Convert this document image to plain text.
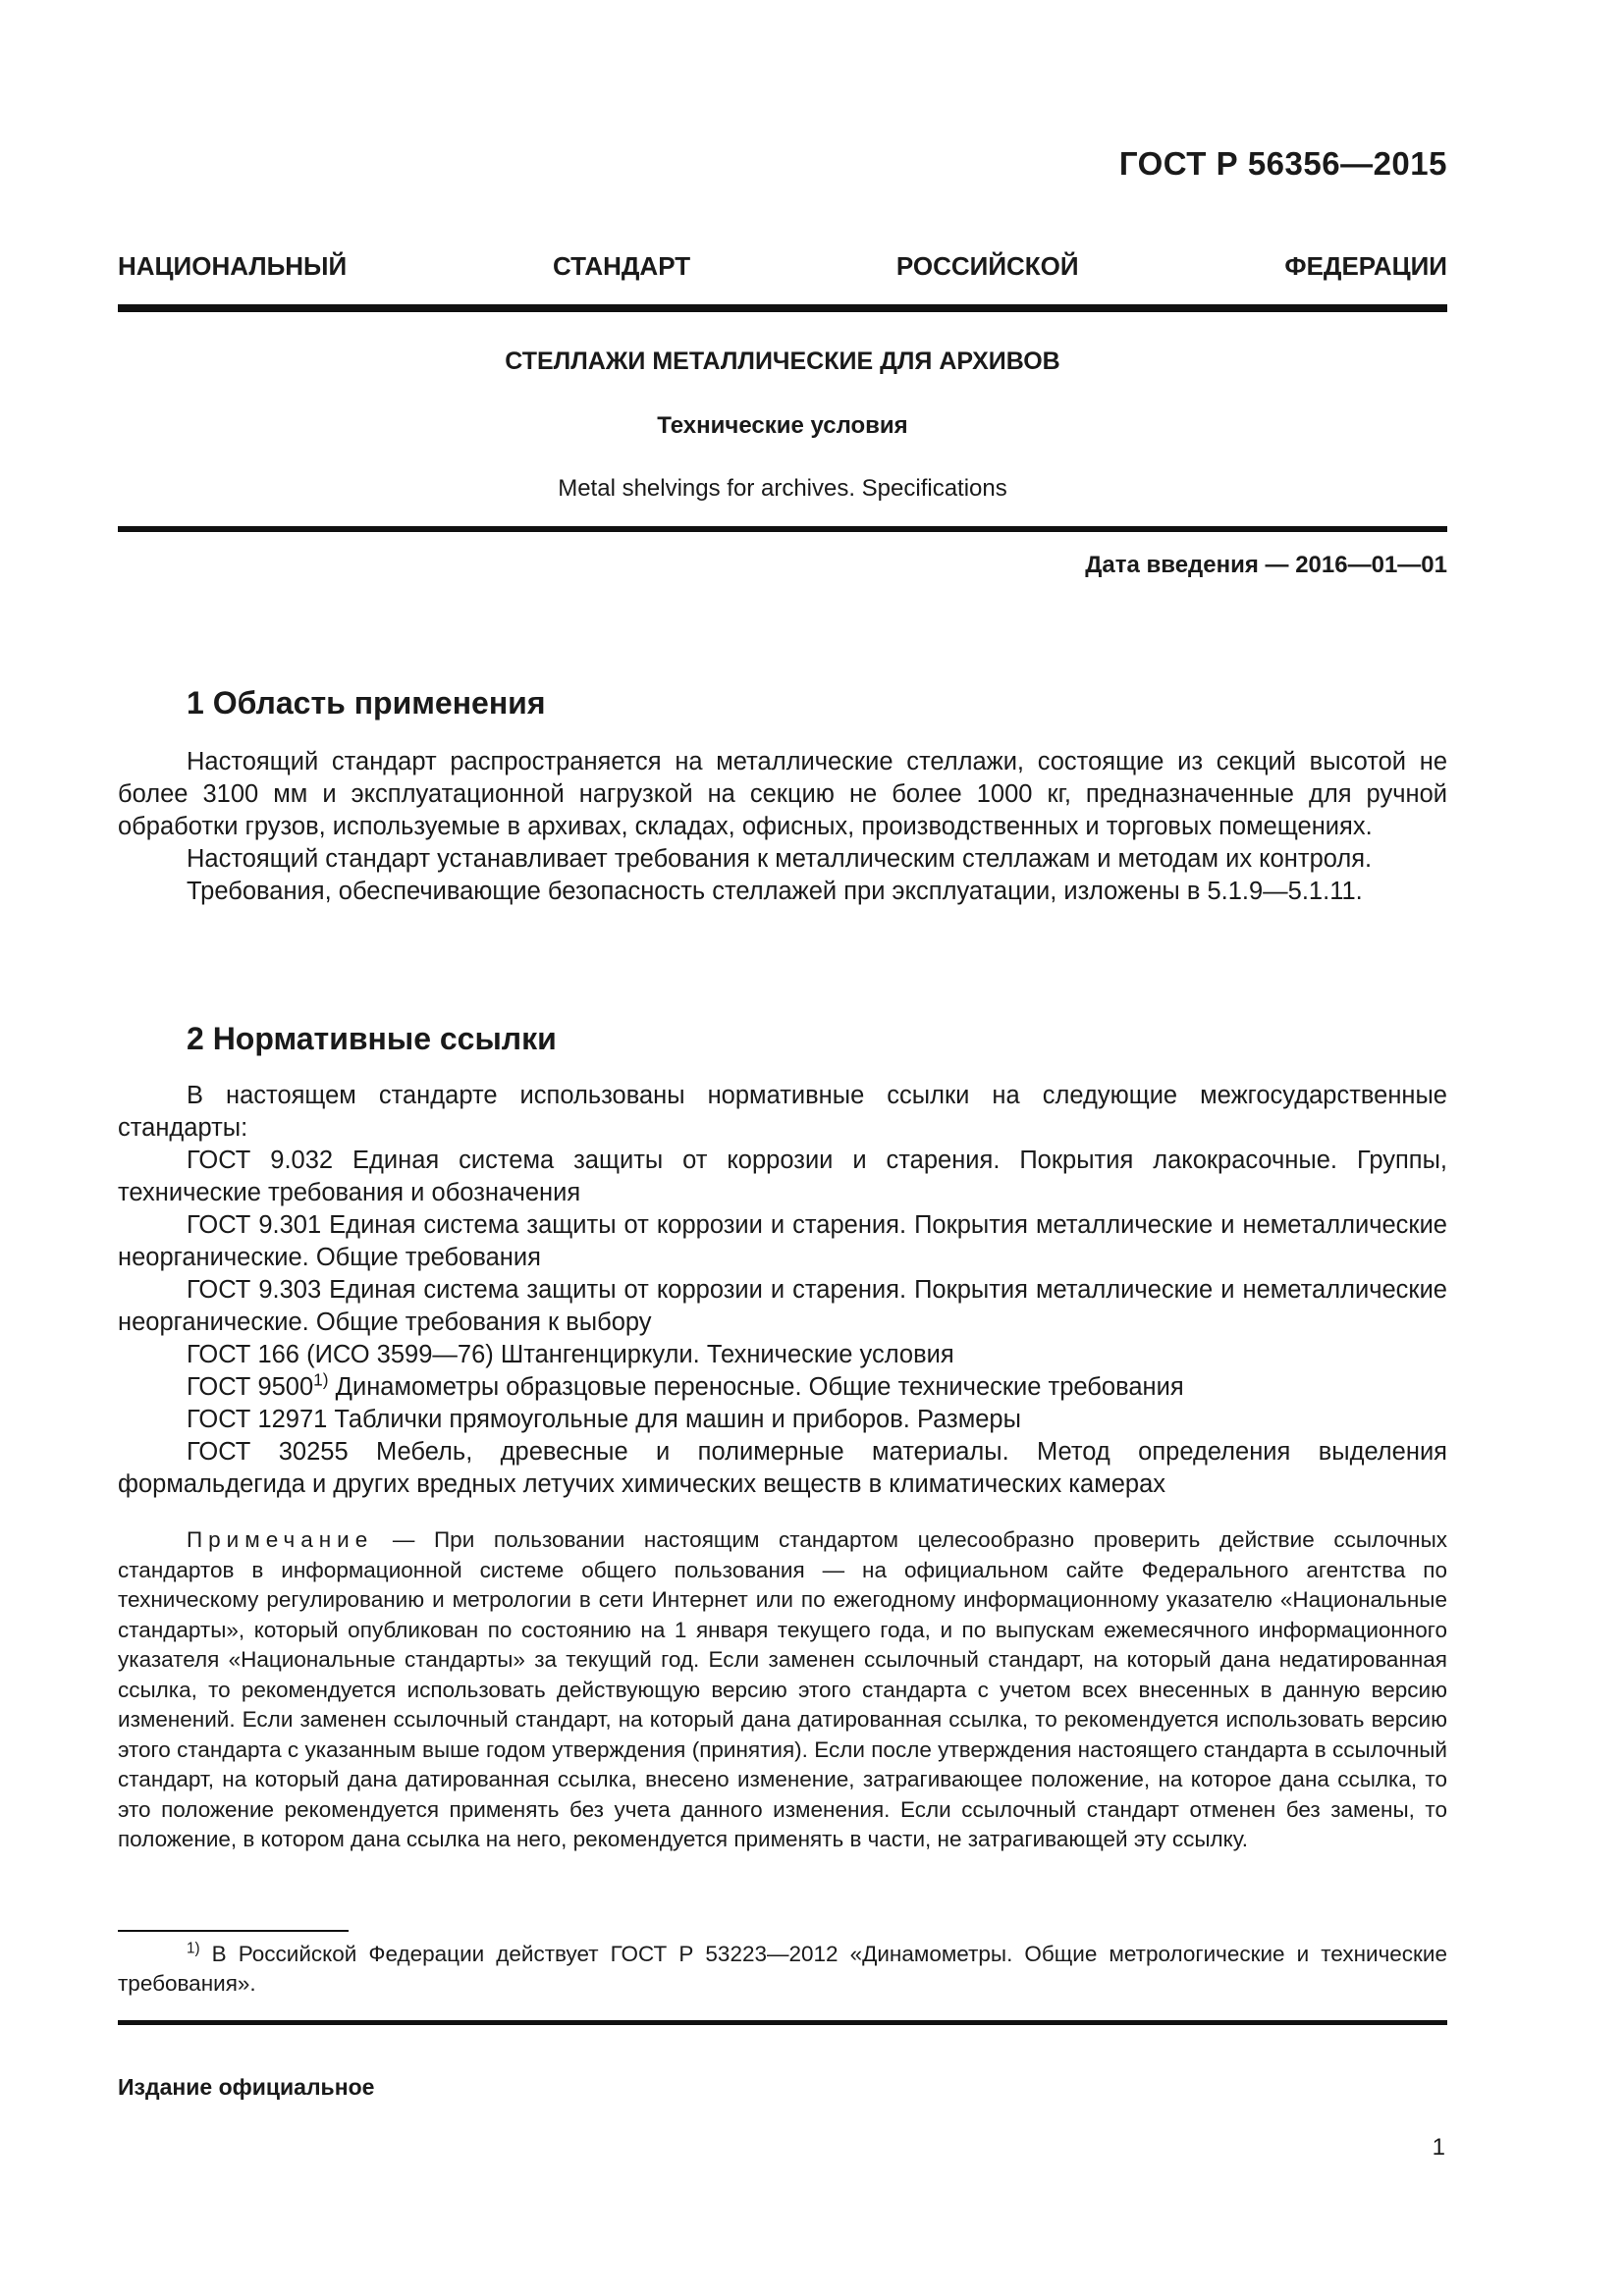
ГОСТ Р 56356—2015
НАЦИОНАЛЬНЫЙ СТАНДАРТ РОССИЙСКОЙ ФЕДЕРАЦИИ
СТЕЛЛАЖИ МЕТАЛЛИЧЕСКИЕ ДЛЯ АРХИВОВ
Технические условия
Metal shelvings for archives. Specifications
Дата введения — 2016—01—01
1 Область применения

Настоящий стандарт распространяется на металлические стеллажи, состоящие из секций высотой не более 3100 мм и эксплуатационной нагрузкой на секцию не более 1000 кг, предназначенные для ручной обработки грузов, используемые в архивах, складах, офисных, производственных и торговых помещениях.

Настоящий стандарт устанавливает требования к металлическим стеллажам и методам их контроля.

Требования, обеспечивающие безопасность стеллажей при эксплуатации, изложены в 5.1.9—5.1.11.

2 Нормативные ссылки

В настоящем стандарте использованы нормативные ссылки на следующие межгосударственные стандарты:

ГОСТ 9.032 Единая система защиты от коррозии и старения. Покрытия лакокрасочные. Группы, технические требования и обозначения

ГОСТ 9.301 Единая система защиты от коррозии и старения. Покрытия металлические и неметаллические неорганические. Общие требования

ГОСТ 9.303 Единая система защиты от коррозии и старения. Покрытия металлические и неметаллические неорганические. Общие требования к выбору

ГОСТ 166 (ИСО 3599—76) Штангенциркули. Технические условия

ГОСТ 9500$^{1)}$ Динамометры образцовые переносные. Общие технические требования

ГОСТ 12971 Таблички прямоугольные для машин и приборов. Размеры

ГОСТ 30255 Мебель, древесные и полимерные материалы. Метод определения выделения формальдегида и других вредных летучих химических веществ в климатических камерах

Примечание — При пользовании настоящим стандартом целесообразно проверить действие ссылочных стандартов в информационной системе общего пользования — на официальном сайте Федерального агентства по техническому регулированию и метрологии в сети Интернет или по ежегодному информационному указателю «Национальные стандарты», который опубликован по состоянию на 1 января текущего года, и по выпускам ежемесячного информационного указателя «Национальные стандарты» за текущий год. Если заменен ссылочный стандарт, на который дана недатированная ссылка, то рекомендуется использовать действующую версию этого стандарта с учетом всех внесенных в данную версию изменений. Если заменен ссылочный стандарт, на который дана датированная ссылка, то рекомендуется использовать версию этого стандарта с указанным выше годом утверждения (принятия). Если после утверждения настоящего стандарта в ссылочный стандарт, на который дана датированная ссылка, внесено изменение, затрагивающее положение, на которое дана ссылка, то это положение рекомендуется применять без учета данного изменения. Если ссылочный стандарт отменен без замены, то положение, в котором дана ссылка на него, рекомендуется применять в части, не затрагивающей эту ссылку.
$^{1)}$ В Российской Федерации действует ГОСТ Р 53223—2012 «Динамометры. Общие метрологические и технические требования».
Издание официальное
1
